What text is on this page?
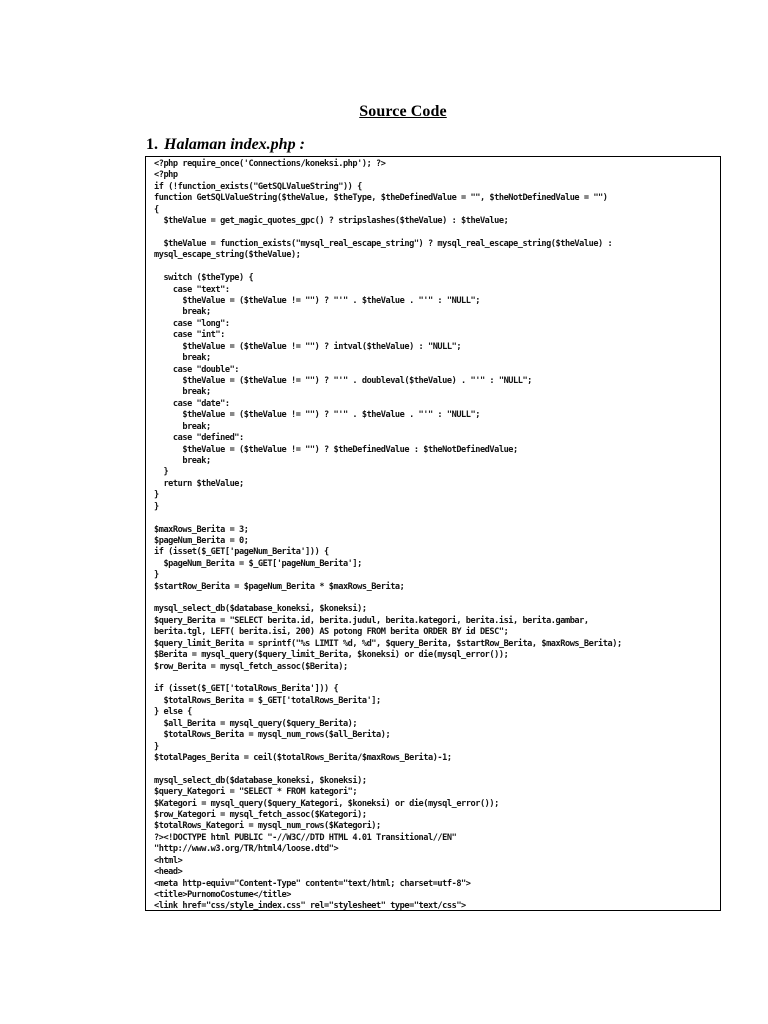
Source Code
1. Halaman index.php :
<?php require_once('Connections/koneksi.php'); ?>
<?php
if (!function_exists("GetSQLValueString")) {
function GetSQLValueString($theValue, $theType, $theDefinedValue = "", $theNotDefinedValue = "")
{
$theValue = get_magic_quotes_gpc() ? stripslashes($theValue) : $theValue;
$theValue = function_exists("mysql_real_escape_string") ? mysql_real_escape_string($theValue) :
mysql_escape_string($theValue);
switch ($theType) {
case "text":
$theValue = ($theValue != "") ? "'" . $theValue . "'" : "NULL";
break;
case "long":
case "int":
$theValue = ($theValue != "") ? intval($theValue) : "NULL";
break;
case "double":
$theValue = ($theValue != "") ? "'" . doubleval($theValue) . "'" : "NULL";
break;
case "date":
$theValue = ($theValue != "") ? "'" . $theValue . "'" : "NULL";
break;
case "defined":
$theValue = ($theValue != "") ? $theDefinedValue : $theNotDefinedValue;
break;
}
return $theValue;
}
}
$maxRows_Berita = 3;
$pageNum_Berita = 0;
if (isset($_GET['pageNum_Berita'])) {
$pageNum_Berita = $_GET['pageNum_Berita'];
}
$startRow_Berita = $pageNum_Berita * $maxRows_Berita;
mysql_select_db($database_koneksi, $koneksi);
$query_Berita = "SELECT berita.id, berita.judul, berita.kategori, berita.isi, berita.gambar,
berita.tgl, LEFT( berita.isi, 200) AS potong FROM berita ORDER BY id DESC";
$query_limit_Berita = sprintf("%s LIMIT %d, %d", $query_Berita, $startRow_Berita, $maxRows_Berita);
$Berita = mysql_query($query_limit_Berita, $koneksi) or die(mysql_error());
$row_Berita = mysql_fetch_assoc($Berita);
if (isset($_GET['totalRows_Berita'])) {
$totalRows_Berita = $_GET['totalRows_Berita'];
} else {
$all_Berita = mysql_query($query_Berita);
$totalRows_Berita = mysql_num_rows($all_Berita);
}
$totalPages_Berita = ceil($totalRows_Berita/$maxRows_Berita)-1;
mysql_select_db($database_koneksi, $koneksi);
$query_Kategori = "SELECT * FROM kategori";
$Kategori = mysql_query($query_Kategori, $koneksi) or die(mysql_error());
$row_Kategori = mysql_fetch_assoc($Kategori);
$totalRows_Kategori = mysql_num_rows($Kategori);
?><!DOCTYPE html PUBLIC "-//W3C//DTD HTML 4.01 Transitional//EN"
"http://www.w3.org/TR/html4/loose.dtd">
<html>
<head>
<meta http-equiv="Content-Type" content="text/html; charset=utf-8">
<title>PurnomoCostume</title>
<link href="css/style_index.css" rel="stylesheet" type="text/css">
